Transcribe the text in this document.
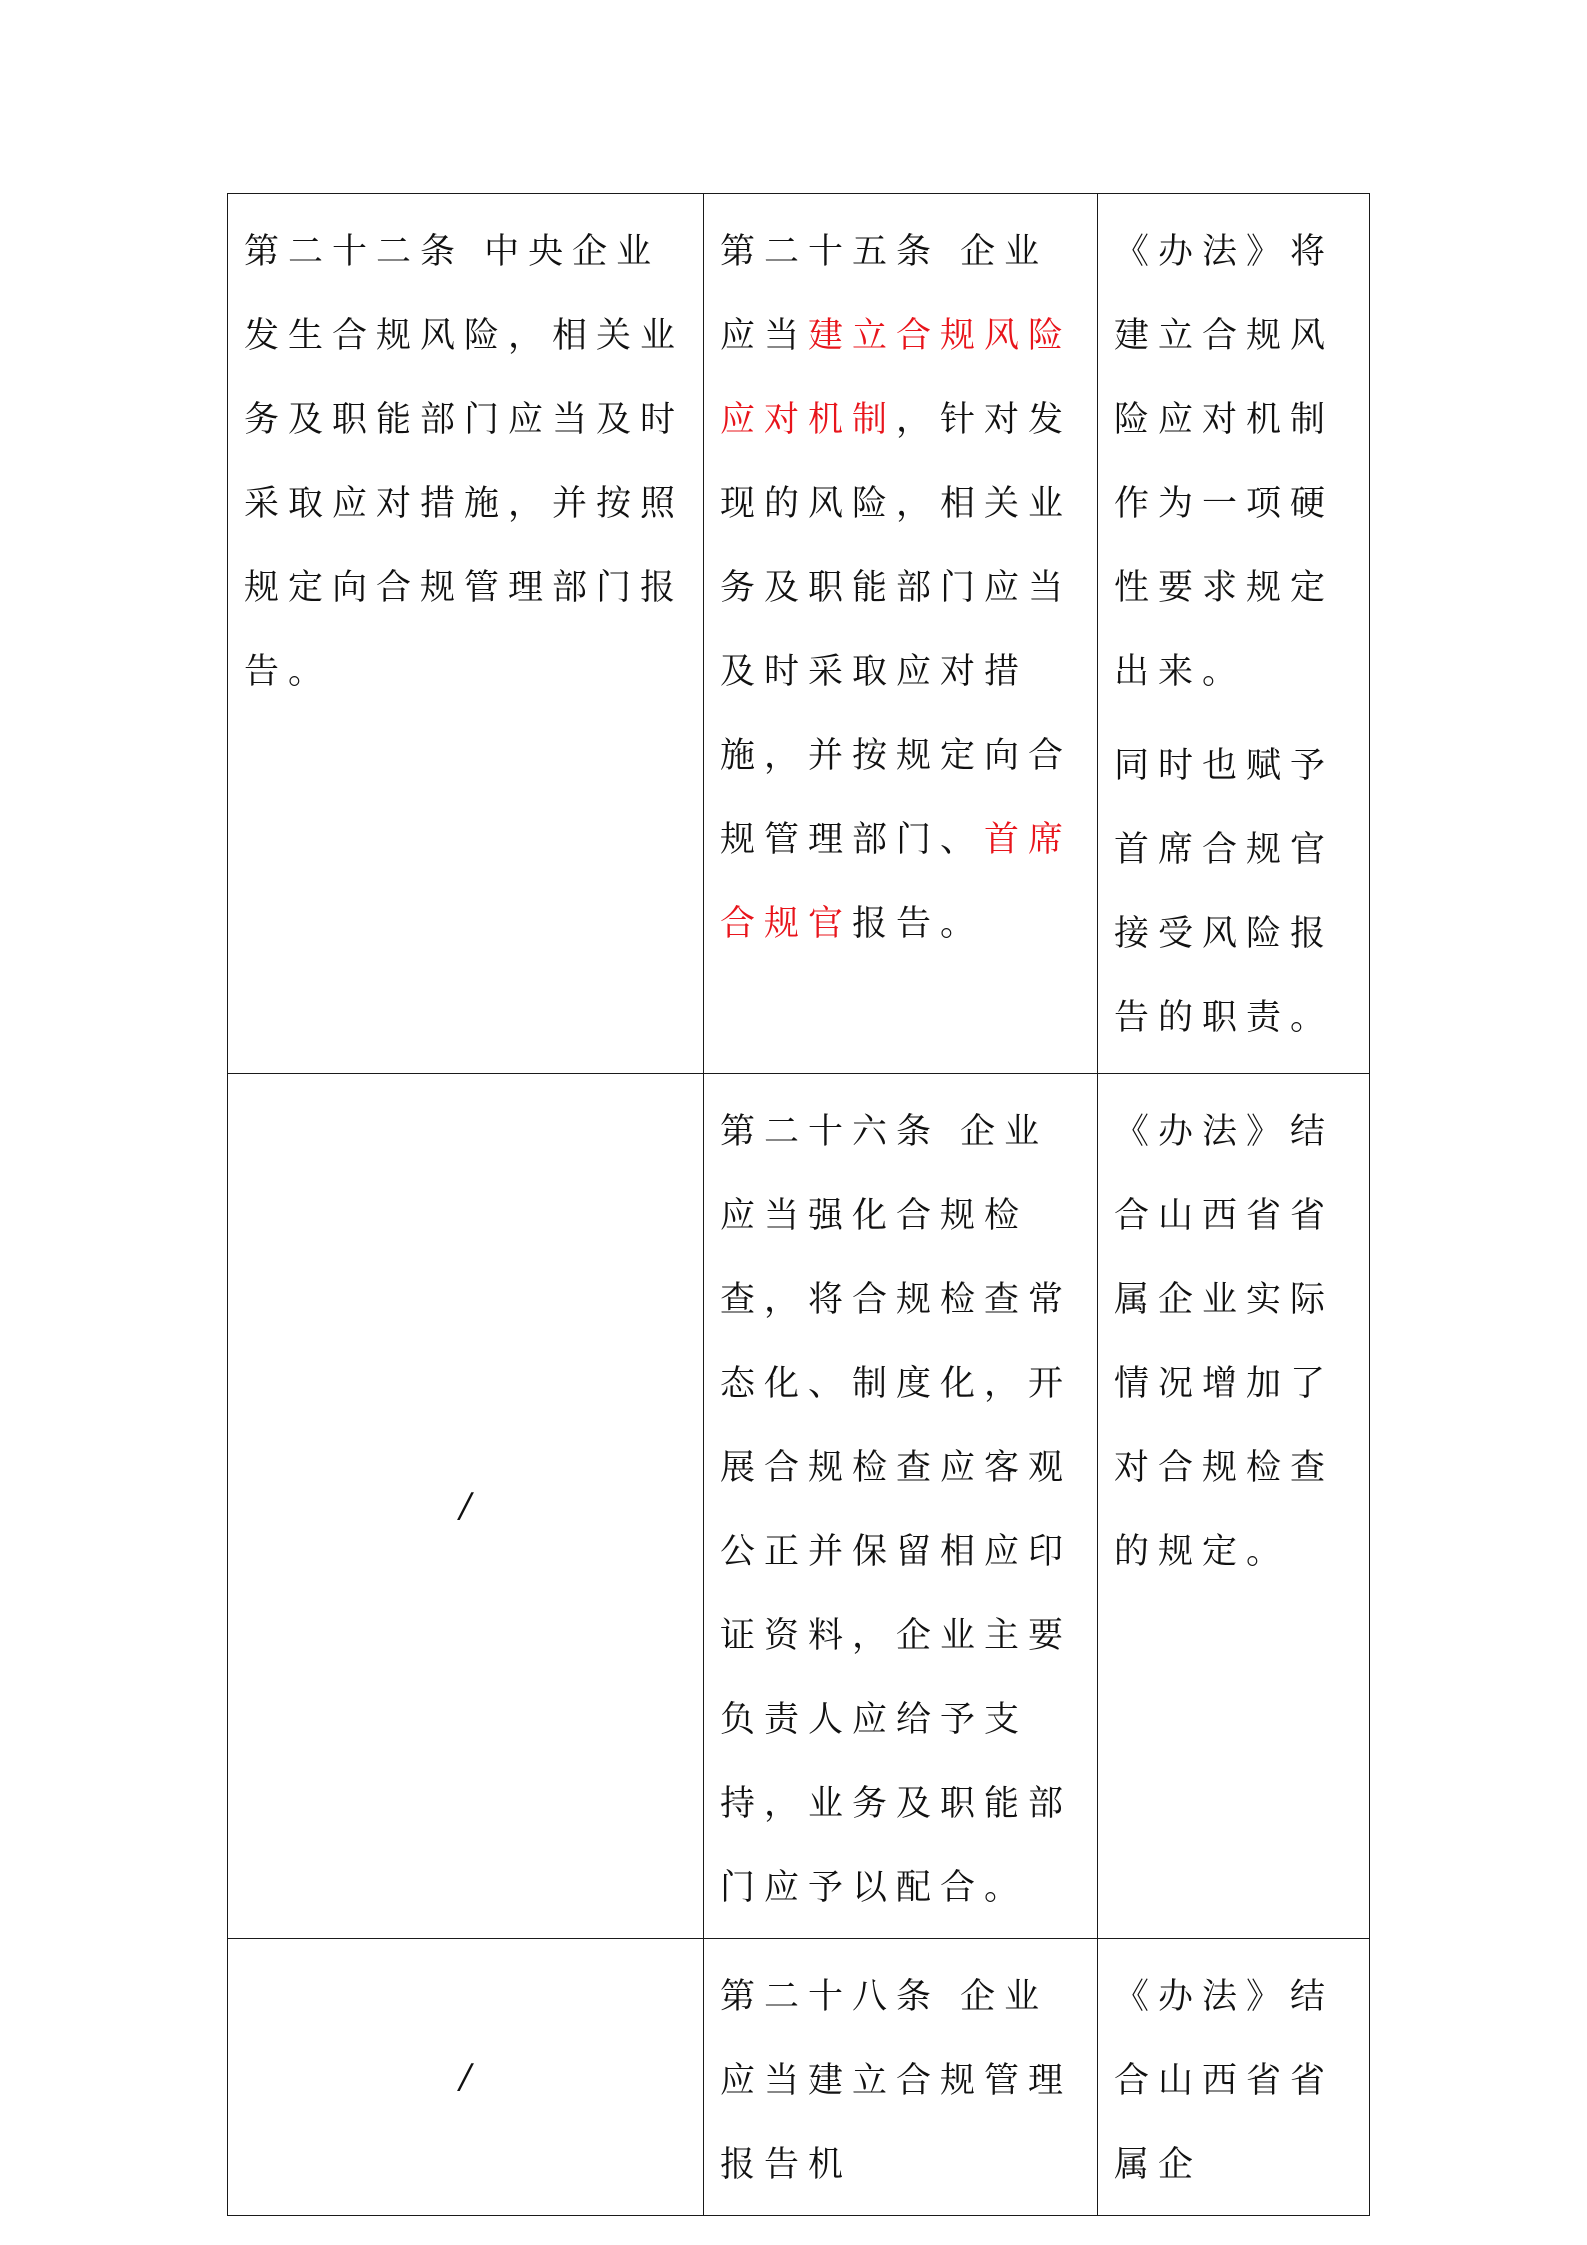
第二十二条 中央企业发生合规风险，相关业务及职能部门应当及时采取应对措施，并按照规定向合规管理部门报告。	第二十五条 企业应当建立合规风险应对机制，针对发现的风险，相关业务及职能部门应当及时采取应对措施，并按规定向合规管理部门、首席合规官报告。	《办法》将建立合规风险应对机制作为一项硬性要求规定出来。

同时也赋予首席合规官接受风险报告的职责。

/	第二十六条 企业应当强化合规检查，将合规检查常态化、制度化，开展合规检查应客观公正并保留相应印证资料，企业主要负责人应给予支持，业务及职能部门应予以配合。	《办法》结合山西省省属企业实际情况增加了对合规检查的规定。
/	第二十八条 企业应当建立合规管理报告机	《办法》结合山西省省属企
